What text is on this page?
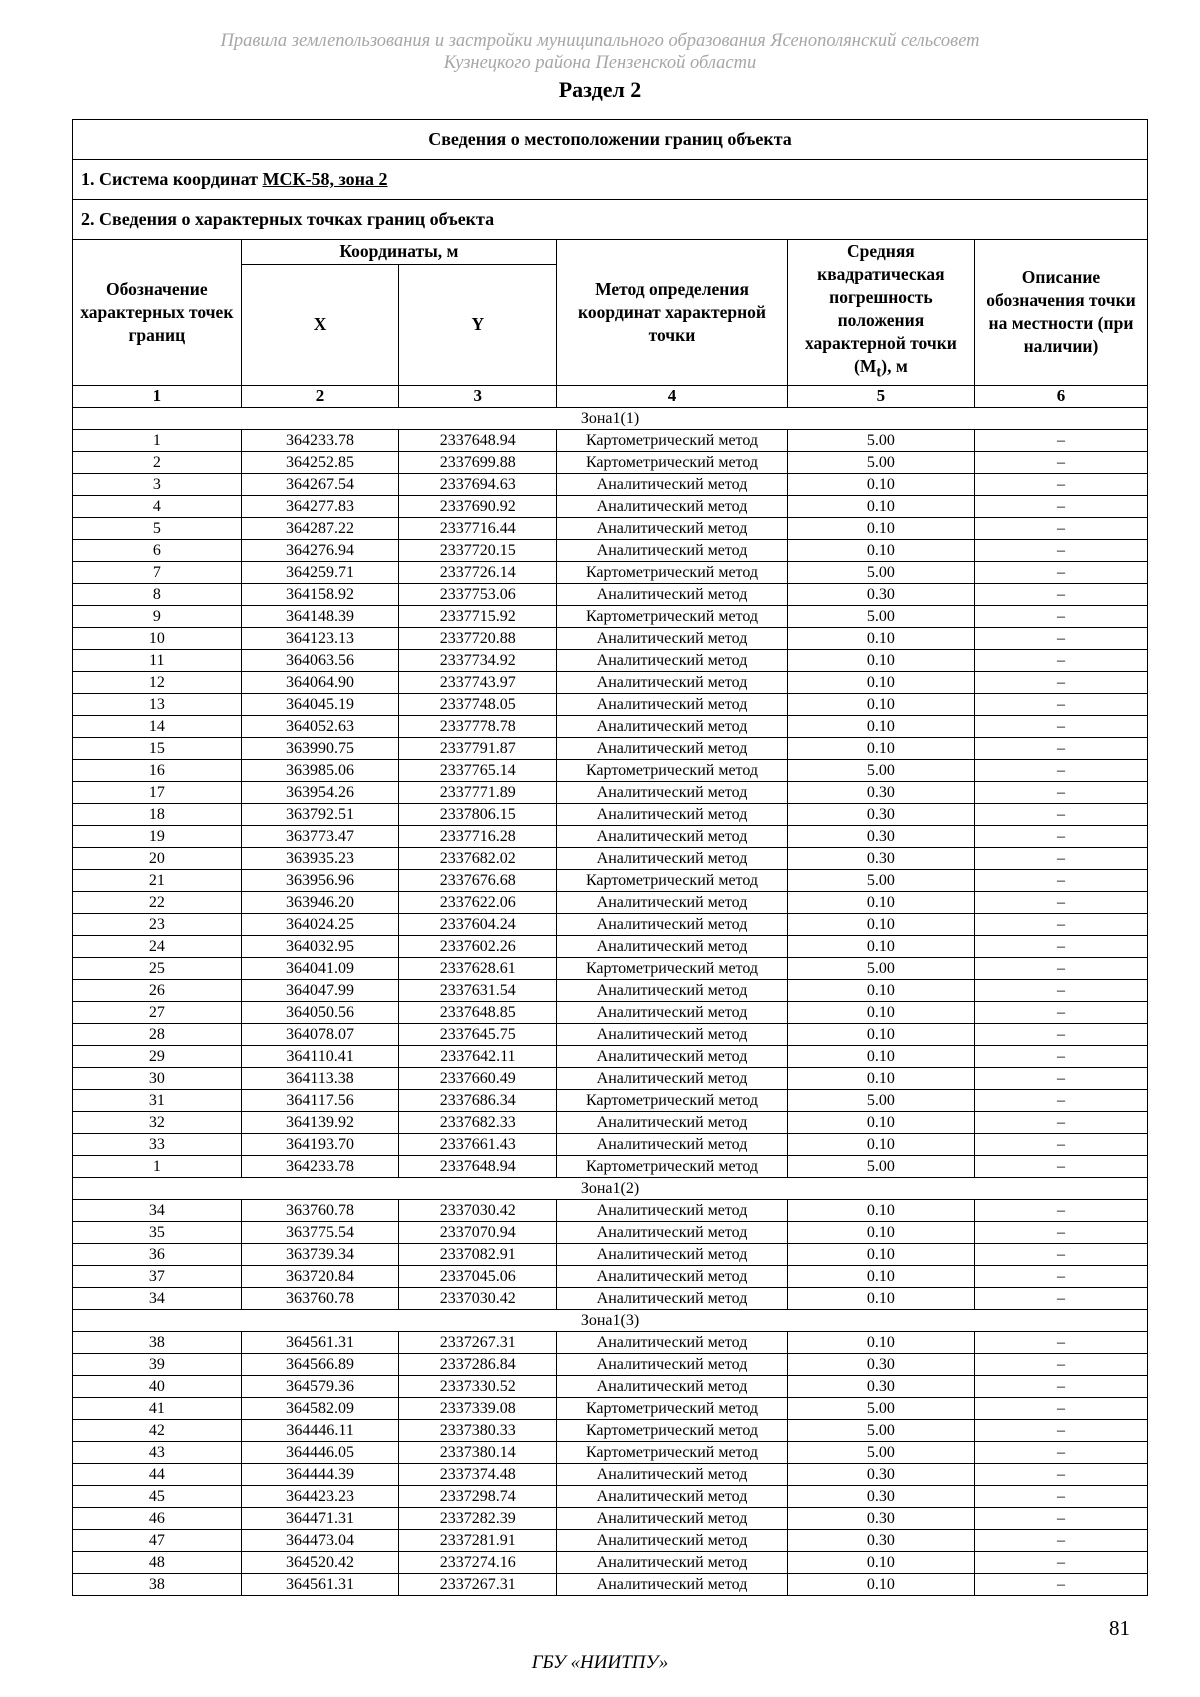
Правила землепользования и застройки муниципального образования Ясенополянский сельсовет
Кузнецкого района Пензенской области
Раздел 2
Сведения о местоположении границ объекта					
1. Система координат МСК-58, зона 2					
2. Сведения о характерных точках границ объекта					
Обозначение характерных точек границ	Координаты, м		Метод определения координат характерной точки	Средняя квадратическая погрешность положения характерной точки $(M_t)$, м	Описание обозначения точки на местности (при наличии)
	X	Y			
1	2	3	4	5	6
Зона1(1)					
1	364233.78	2337648.94	Картометрический метод	5.00	–
2	364252.85	2337699.88	Картометрический метод	5.00	–
3	364267.54	2337694.63	Аналитический метод	0.10	–
4	364277.83	2337690.92	Аналитический метод	0.10	–
5	364287.22	2337716.44	Аналитический метод	0.10	–
6	364276.94	2337720.15	Аналитический метод	0.10	–
7	364259.71	2337726.14	Картометрический метод	5.00	–
8	364158.92	2337753.06	Аналитический метод	0.30	–
9	364148.39	2337715.92	Картометрический метод	5.00	–
10	364123.13	2337720.88	Аналитический метод	0.10	–
11	364063.56	2337734.92	Аналитический метод	0.10	–
12	364064.90	2337743.97	Аналитический метод	0.10	–
13	364045.19	2337748.05	Аналитический метод	0.10	–
14	364052.63	2337778.78	Аналитический метод	0.10	–
15	363990.75	2337791.87	Аналитический метод	0.10	–
16	363985.06	2337765.14	Картометрический метод	5.00	–
17	363954.26	2337771.89	Аналитический метод	0.30	–
18	363792.51	2337806.15	Аналитический метод	0.30	–
19	363773.47	2337716.28	Аналитический метод	0.30	–
20	363935.23	2337682.02	Аналитический метод	0.30	–
21	363956.96	2337676.68	Картометрический метод	5.00	–
22	363946.20	2337622.06	Аналитический метод	0.10	–
23	364024.25	2337604.24	Аналитический метод	0.10	–
24	364032.95	2337602.26	Аналитический метод	0.10	–
25	364041.09	2337628.61	Картометрический метод	5.00	–
26	364047.99	2337631.54	Аналитический метод	0.10	–
27	364050.56	2337648.85	Аналитический метод	0.10	–
28	364078.07	2337645.75	Аналитический метод	0.10	–
29	364110.41	2337642.11	Аналитический метод	0.10	–
30	364113.38	2337660.49	Аналитический метод	0.10	–
31	364117.56	2337686.34	Картометрический метод	5.00	–
32	364139.92	2337682.33	Аналитический метод	0.10	–
33	364193.70	2337661.43	Аналитический метод	0.10	–
1	364233.78	2337648.94	Картометрический метод	5.00	–
Зона1(2)					
34	363760.78	2337030.42	Аналитический метод	0.10	–
35	363775.54	2337070.94	Аналитический метод	0.10	–
36	363739.34	2337082.91	Аналитический метод	0.10	–
37	363720.84	2337045.06	Аналитический метод	0.10	–
34	363760.78	2337030.42	Аналитический метод	0.10	–
Зона1(3)					
38	364561.31	2337267.31	Аналитический метод	0.10	–
39	364566.89	2337286.84	Аналитический метод	0.30	–
40	364579.36	2337330.52	Аналитический метод	0.30	–
41	364582.09	2337339.08	Картометрический метод	5.00	–
42	364446.11	2337380.33	Картометрический метод	5.00	–
43	364446.05	2337380.14	Картометрический метод	5.00	–
44	364444.39	2337374.48	Аналитический метод	0.30	–
45	364423.23	2337298.74	Аналитический метод	0.30	–
46	364471.31	2337282.39	Аналитический метод	0.30	–
47	364473.04	2337281.91	Аналитический метод	0.30	–
48	364520.42	2337274.16	Аналитический метод	0.10	–
38	364561.31	2337267.31	Аналитический метод	0.10	–
81
ГБУ «НИИТПУ»
